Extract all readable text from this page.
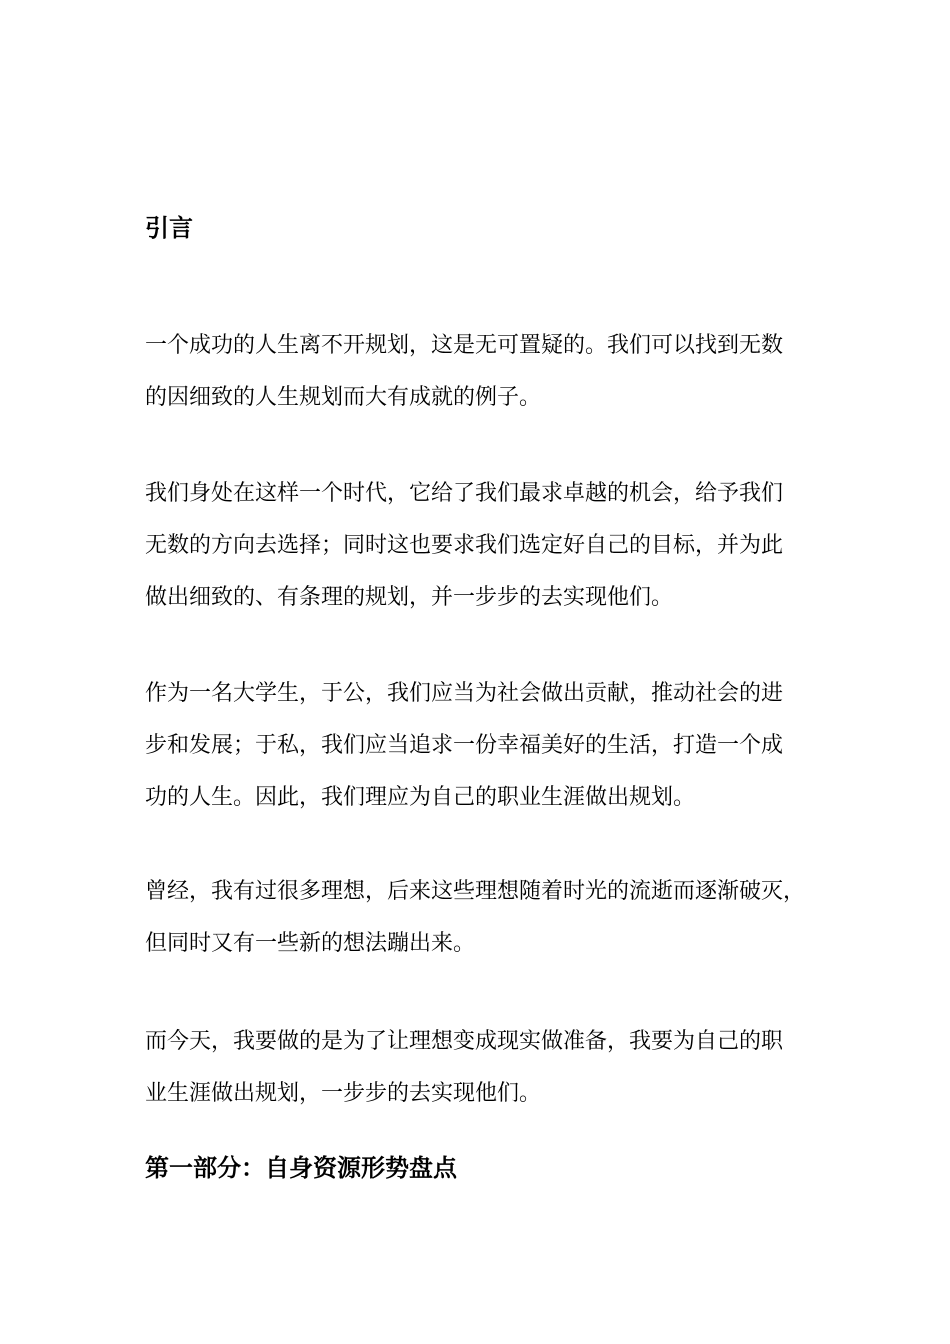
引言
一个成功的人生离不开规划，这是无可置疑的。我们可以找到无数
的因细致的人生规划而大有成就的例子。
我们身处在这样一个时代，它给了我们最求卓越的机会，给予我们
无数的方向去选择；同时这也要求我们选定好自己的目标，并为此
做出细致的、有条理的规划，并一步步的去实现他们。
作为一名大学生，于公，我们应当为社会做出贡献，推动社会的进
步和发展；于私，我们应当追求一份幸福美好的生活，打造一个成
功的人生。因此，我们理应为自己的职业生涯做出规划。
曾经，我有过很多理想，后来这些理想随着时光的流逝而逐渐破灭，
但同时又有一些新的想法蹦出来。
而今天，我要做的是为了让理想变成现实做准备，我要为自己的职
业生涯做出规划，一步步的去实现他们。
第一部分：自身资源形势盘点
